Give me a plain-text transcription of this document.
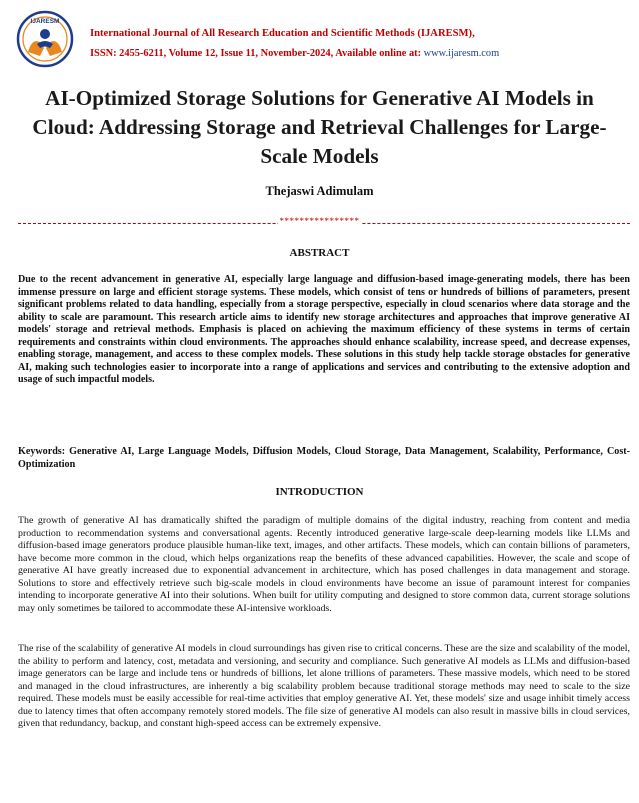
IJARESM
International Journal of All Research Education and Scientific Methods (IJARESM),
ISSN: 2455-6211, Volume 12, Issue 11, November-2024, Available online at: www.ijaresm.com
AI-Optimized Storage Solutions for Generative AI Models in Cloud: Addressing Storage and Retrieval Challenges for Large-Scale Models
Thejaswi Adimulam
****************
ABSTRACT

Due to the recent advancement in generative AI, especially large language and diffusion-based image-generating models, there has been immense pressure on large and efficient storage systems. These models, which consist of tens or hundreds of billions of parameters, present significant problems related to data handling, especially from a storage perspective, especially in cloud scenarios where data storage and the ability to scale are paramount. This research article aims to identify new storage architectures and approaches that improve generative AI models' storage and retrieval methods. Emphasis is placed on achieving the maximum efficiency of these systems in terms of certain requirements and constraints within cloud environments. The approaches should enhance scalability, increase speed, and decrease expenses, enabling storage, management, and access to these complex models. These solutions in this study help tackle storage obstacles for generative AI, making such technologies easier to incorporate into a range of applications and services and contributing to the extensive adoption and usage of such impactful models.

Keywords: Generative AI, Large Language Models, Diffusion Models, Cloud Storage, Data Management, Scalability, Performance, Cost-Optimization

INTRODUCTION

The growth of generative AI has dramatically shifted the paradigm of multiple domains of the digital industry, reaching from content and media production to recommendation systems and conversational agents. Recently introduced generative large-scale deep-learning models like LLMs and diffusion-based image generators produce plausible human-like text, images, and other artifacts. These models, which can contain billions of parameters, have become more common in the cloud, which helps organizations reap the benefits of these advanced capabilities. However, the scale and scope of generative AI have greatly increased due to exponential advancement in architecture, which has posed challenges in data management and storage. Solutions to store and effectively retrieve such big-scale models in cloud environments have become an issue of paramount interest for companies intending to incorporate generative AI into their solutions. When built for utility computing and designed to store common data, current storage solutions may only sometimes be tailored to accommodate these AI-intensive workloads.

The rise of the scalability of generative AI models in cloud surroundings has given rise to critical concerns. These are the size and scalability of the model, the ability to perform and latency, cost, metadata and versioning, and security and compliance. Such generative AI models as LLMs and diffusion-based image generators can be large and include tens or hundreds of billions, let alone trillions of parameters. These massive models, which need to be stored and managed in the cloud infrastructures, are inherently a big scalability problem because traditional storage methods may need to scale to the size required. These models must be easily accessible for real-time activities that employ generative AI. Yet, these models' size and usage inhibit timely access due to latency times that often accompany remotely stored models. The file size of generative AI models can also result in massive bills in cloud services, given that redundancy, backup, and constant high-speed access can be extremely expensive.
